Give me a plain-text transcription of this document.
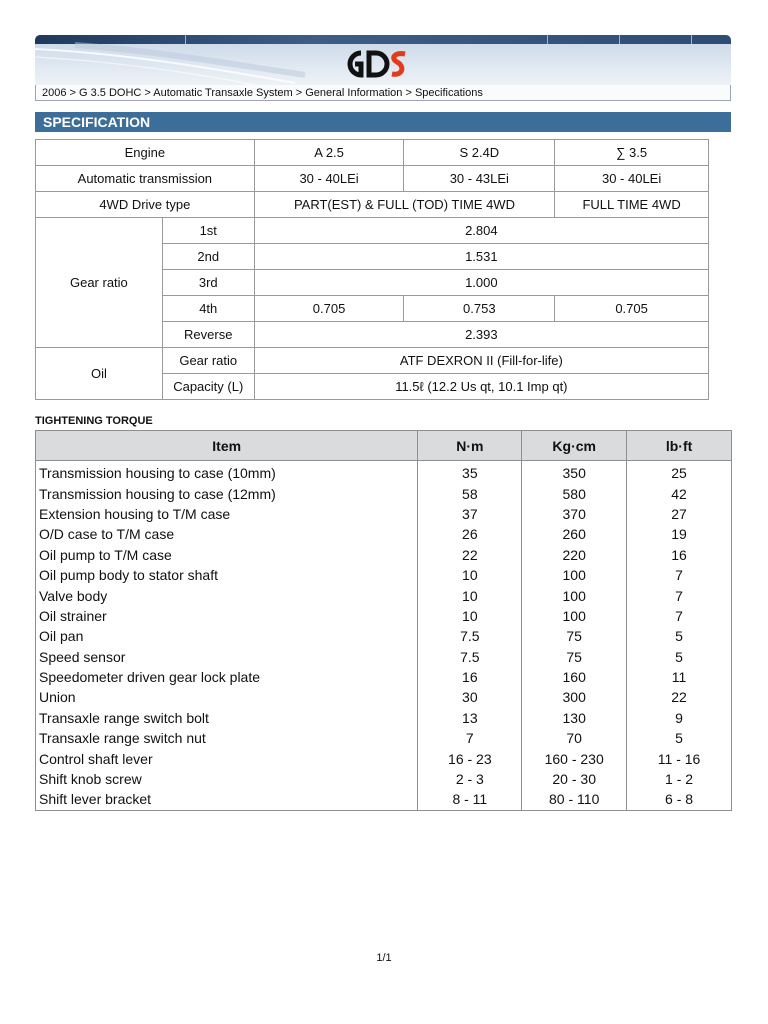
2006 > G 3.5 DOHC > Automatic Transaxle System > General Information > Specifications
SPECIFICATION
Engine		A 2.5	S 2.4D	∑ 3.5
Automatic transmission		30 - 40LEi	30 - 43LEi	30 - 40LEi
4WD Drive type		PART(EST) & FULL (TOD) TIME 4WD		FULL TIME 4WD
Gear ratio	1st	2.804		
	2nd	1.531		
	3rd	1.000		
	4th	0.705	0.753	0.705
	Reverse	2.393		
Oil	Gear ratio	ATF DEXRON II (Fill-for-life)		
	Capacity (L)	11.5ℓ (12.2 Us qt, 10.1 Imp qt)		
TIGHTENING TORQUE
Item	N·m	Kg·cm	lb·ft
Transmission housing to case (10mm)	35	350	25
Transmission housing to case (12mm)	58	580	42
Extension housing to T/M case	37	370	27
O/D case to T/M case	26	260	19
Oil pump to T/M case	22	220	16
Oil pump body to stator shaft	10	100	7
Valve body	10	100	7
Oil strainer	10	100	7
Oil pan	7.5	75	5
Speed sensor	7.5	75	5
Speedometer driven gear lock plate	16	160	11
Union	30	300	22
Transaxle range switch bolt	13	130	9
Transaxle range switch nut	7	70	5
Control shaft lever	16 - 23	160 - 230	11 - 16
Shift knob screw	2 - 3	20 - 30	1 - 2
Shift lever bracket	8 - 11	80 - 110	6 - 8
1/1
